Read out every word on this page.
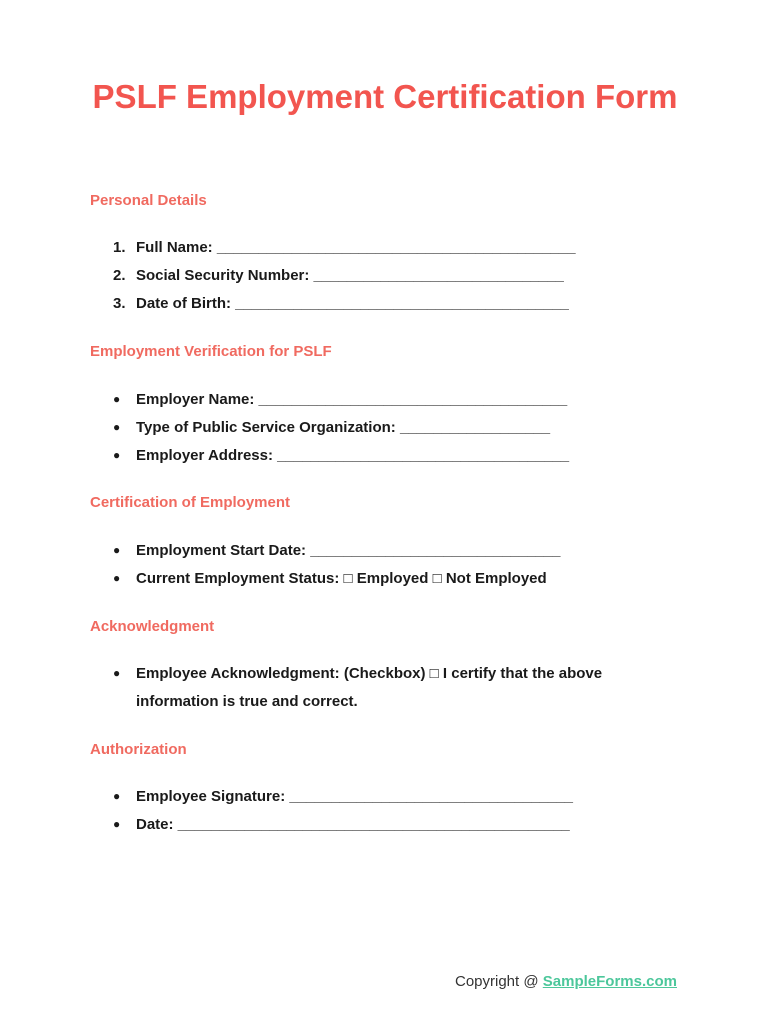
PSLF Employment Certification Form

Personal Details

1. Full Name: ___________________________________________

2. Social Security Number: ______________________________

3. Date of Birth: ________________________________________

Employment Verification for PSLF

● Employer Name: _____________________________________

● Type of Public Service Organization: __________________

● Employer Address: ___________________________________

Certification of Employment

● Employment Start Date: ______________________________

● Current Employment Status: □ Employed □ Not Employed

Acknowledgment

● Employee Acknowledgment: (Checkbox) □ I certify that the above

information is true and correct.

Authorization

● Employee Signature: __________________________________

● Date: _______________________________________________

Copyright @ SampleForms.com
